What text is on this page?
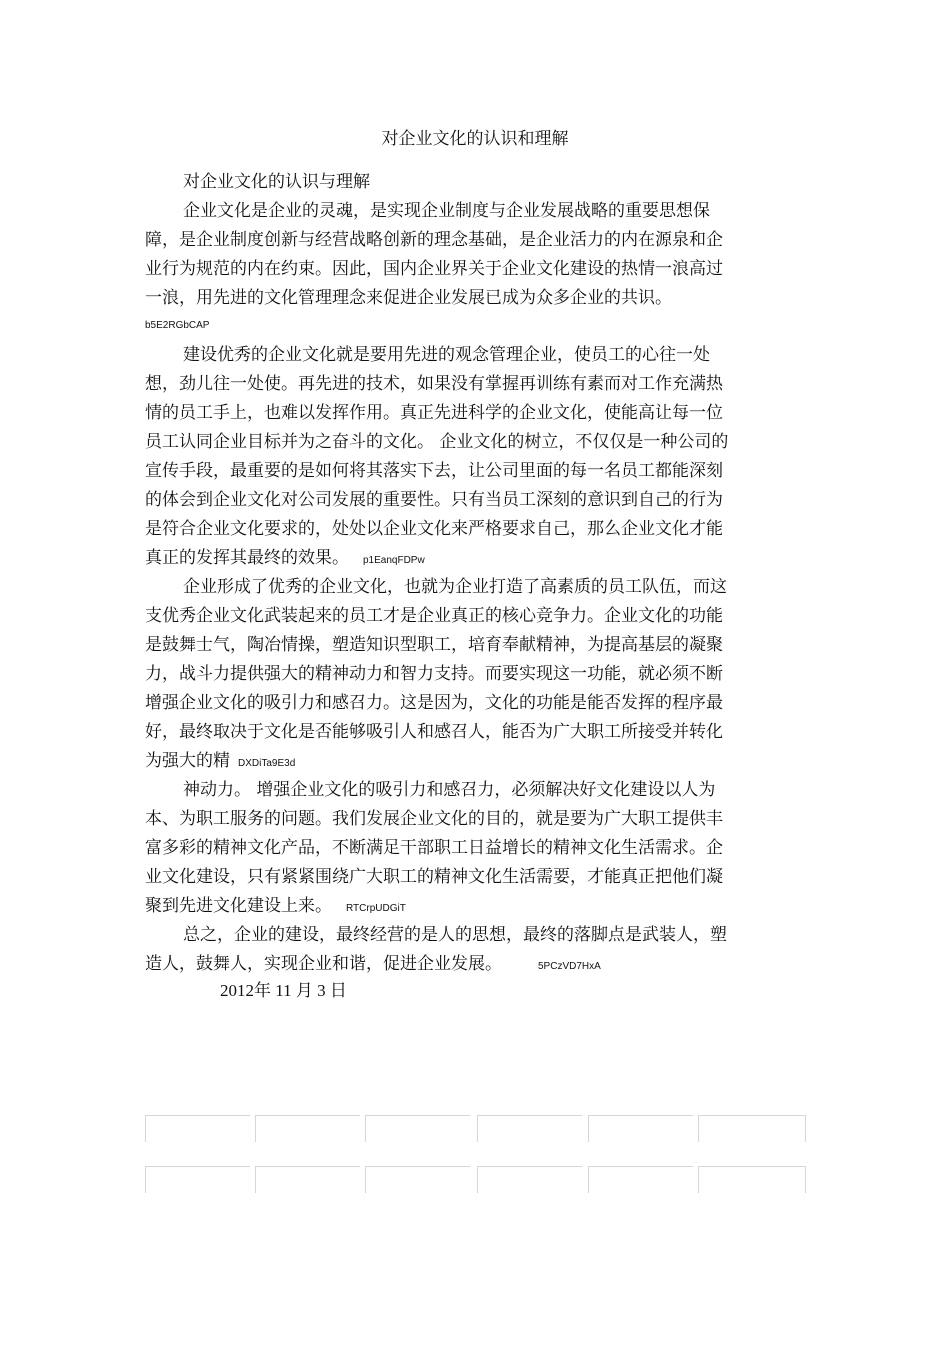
对企业文化的认识和理解
对企业文化的认识与理解
企业文化是企业的灵魂，是实现企业制度与企业发展战略的重要思想保
障，是企业制度创新与经营战略创新的理念基础，是企业活力的内在源泉和企
业行为规范的内在约束。因此，国内企业界关于企业文化建设的热情一浪高过
一浪，用先进的文化管理理念来促进企业发展已成为众多企业的共识。
b5E2RGbCAP
建设优秀的企业文化就是要用先进的观念管理企业，使员工的心往一处
想，劲儿往一处使。再先进的技术，如果没有掌握再训练有素而对工作充满热
情的员工手上，也难以发挥作用。真正先进科学的企业文化，使能高让每一位
员工认同企业目标并为之奋斗的文化。 企业文化的树立，不仅仅是一种公司的
宣传手段，最重要的是如何将其落实下去，让公司里面的每一名员工都能深刻
的体会到企业文化对公司发展的重要性。只有当员工深刻的意识到自己的行为
是符合企业文化要求的，处处以企业文化来严格要求自己，那么企业文化才能
真正的发挥其最终的效果。 p1EanqFDPw
企业形成了优秀的企业文化，也就为企业打造了高素质的员工队伍，而这
支优秀企业文化武装起来的员工才是企业真正的核心竞争力。企业文化的功能
是鼓舞士气，陶冶情操，塑造知识型职工，培育奉献精神，为提高基层的凝聚
力，战斗力提供强大的精神动力和智力支持。而要实现这一功能，就必须不断
增强企业文化的吸引力和感召力。这是因为，文化的功能是能否发挥的程序最
好，最终取决于文化是否能够吸引人和感召人，能否为广大职工所接受并转化
为强大的精 DXDiTa9E3d
神动力。 增强企业文化的吸引力和感召力，必须解决好文化建设以人为
本、为职工服务的问题。我们发展企业文化的目的，就是要为广大职工提供丰
富多彩的精神文化产品，不断满足干部职工日益增长的精神文化生活需求。企
业文化建设，只有紧紧围绕广大职工的精神文化生活需要，才能真正把他们凝
聚到先进文化建设上来。 RTCrpUDGiT
总之，企业的建设，最终经营的是人的思想，最终的落脚点是武装人，塑
造人，鼓舞人，实现企业和谐，促进企业发展。	5PCzVD7HxA
2012年 11 月 3 日
